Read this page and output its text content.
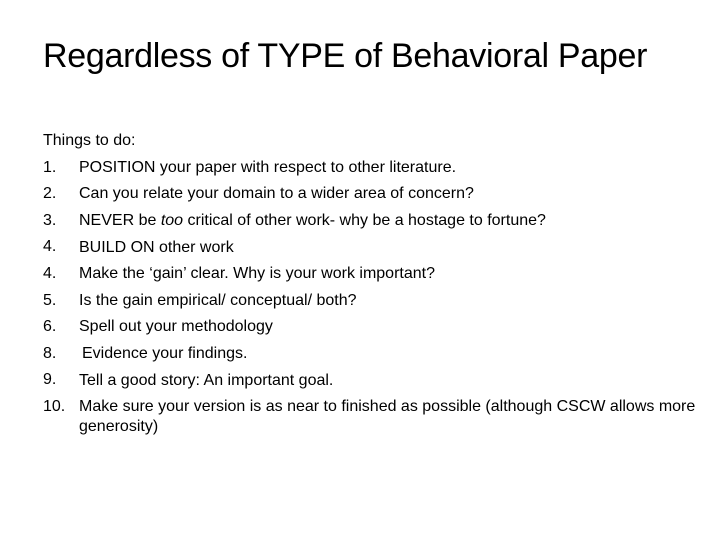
Regardless of TYPE of Behavioral Paper
Things to do:
1.	POSITION your paper with respect to other literature.
2.	Can you relate your domain to a wider area of concern?
3.	NEVER be too critical of other work- why be a hostage to fortune?
4.	BUILD ON other work
4.	Make the ‘gain’ clear. Why is your work important?
5.	Is the gain empirical/ conceptual/ both?
6.	Spell out your methodology
8.	Evidence your findings.
9.	Tell a good story: An important goal.
10. Make sure your version is as near to finished as possible (although CSCW allows more generosity)
